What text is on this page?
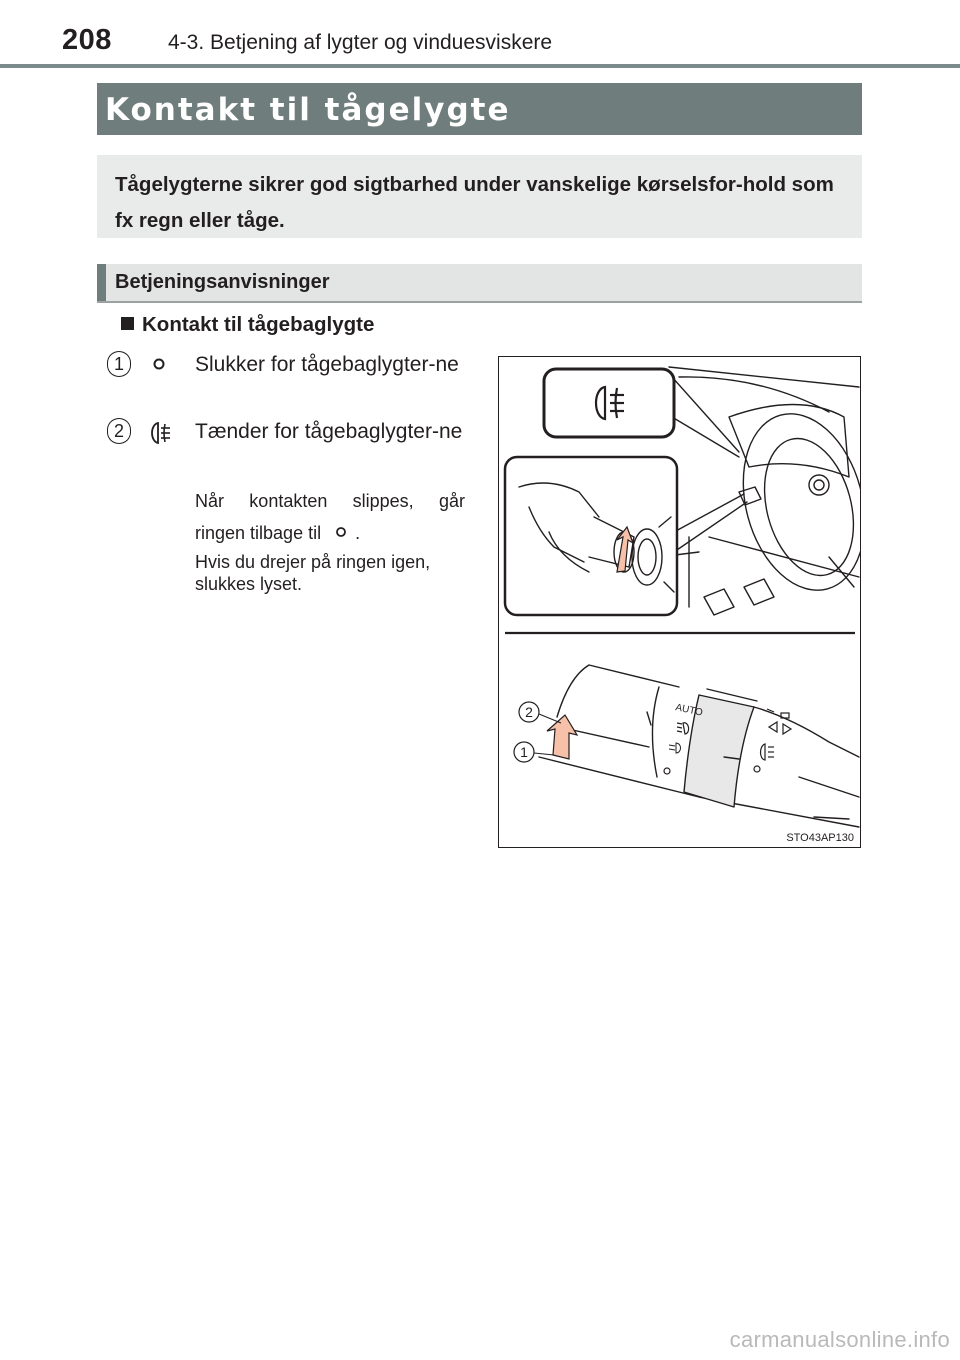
208	4-3. Betjening af lygter og vinduesviskere
Kontakt til tågelygte
Tågelygterne sikrer god sigtbarhed under vanskelige kørselsfor-hold som fx regn eller tåge.
Betjeningsanvisninger
Kontakt til tågebaglygte
1	Slukker for tågebaglygter-ne
2	Tænder for tågebaglygter-ne
Når kontakten slippes, går
ringen tilbage til .
Hvis du drejer på ringen igen, slukkes lyset.
AUTO
2
1
STO43AP130
carmanualsonline.info
